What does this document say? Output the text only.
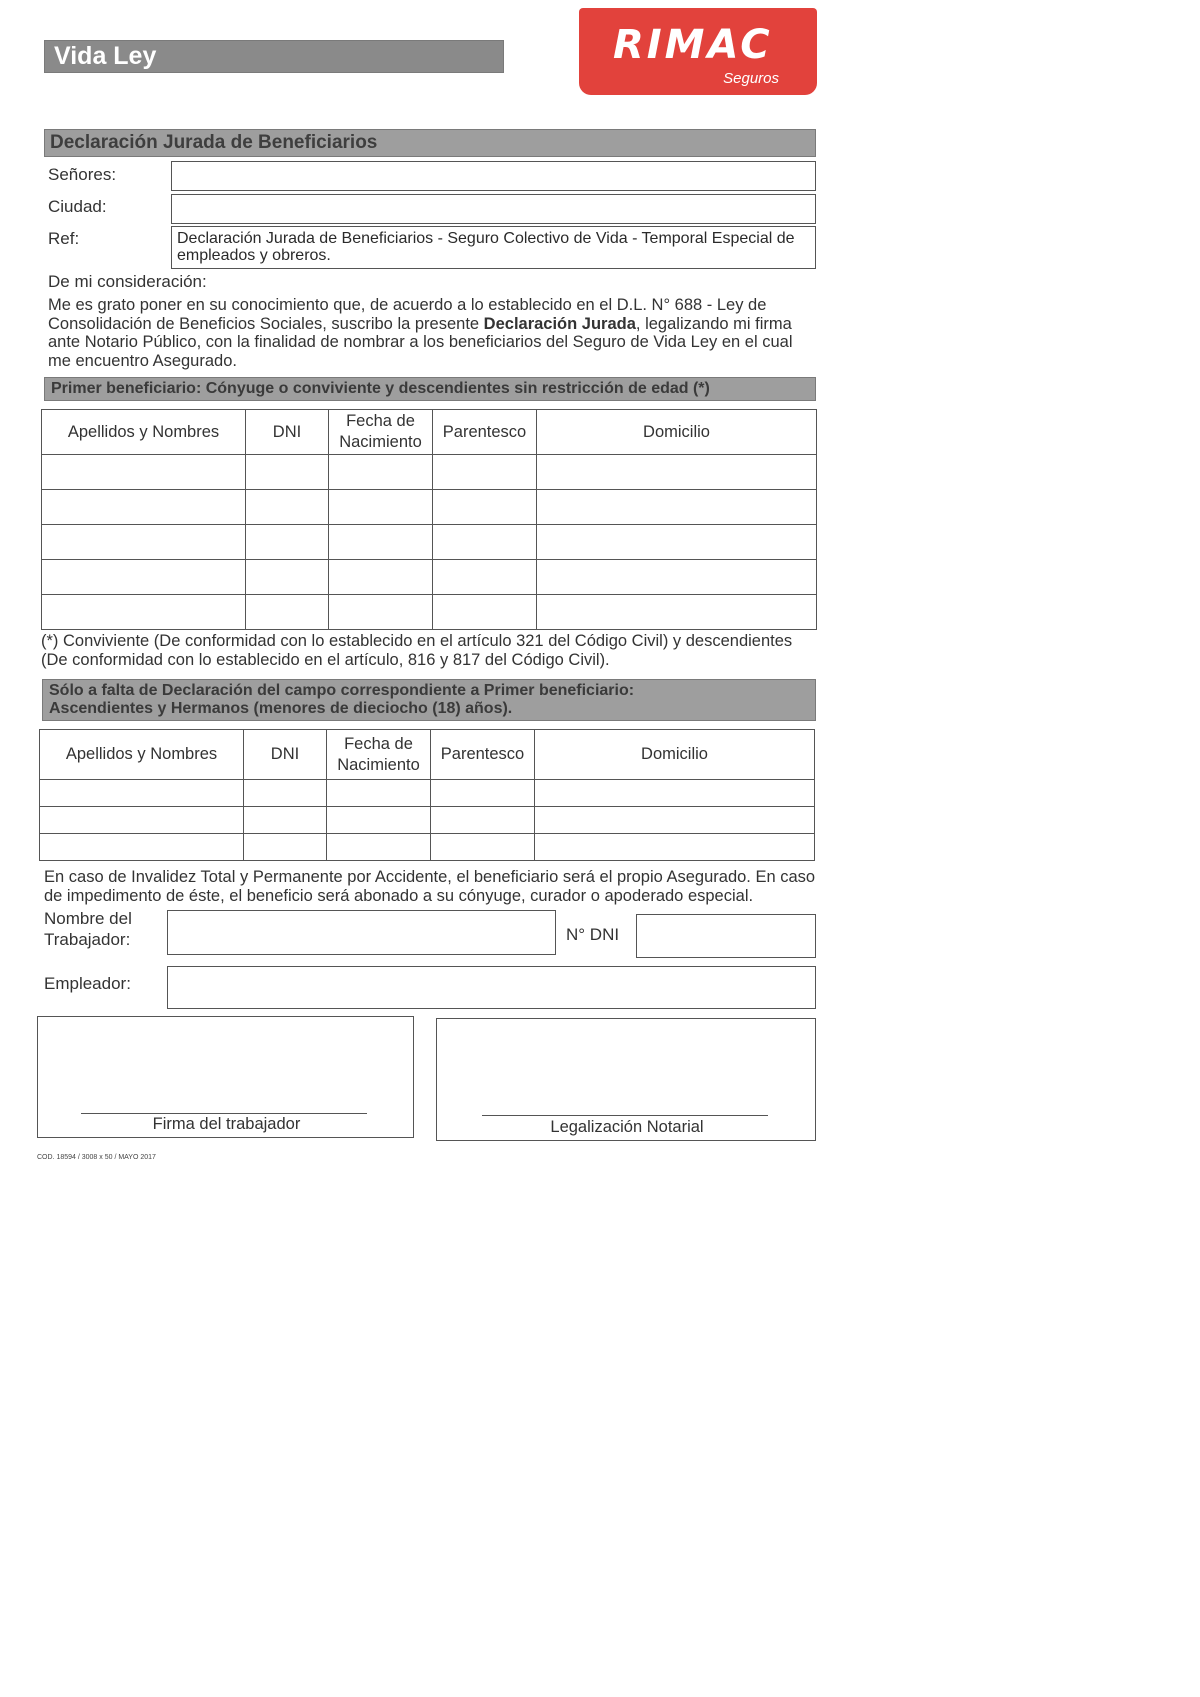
Vida Ley	RIMAC
Seguros
Declaración Jurada de Beneficiarios
Señores:
Ciudad:
Ref:	Declaración Jurada de Beneficiarios - Seguro Colectivo de Vida - Temporal Especial de empleados y obreros.
De mi consideración:
Me es grato poner en su conocimiento que, de acuerdo a lo establecido en el D.L. N° 688 - Ley de Consolidación de Beneficios Sociales, suscribo la presente Declaración Jurada, legalizando mi firma ante Notario Público, con la finalidad de nombrar a los beneficiarios del Seguro de Vida Ley en el cual me encuentro Asegurado.
Primer beneficiario: Cónyuge o conviviente y descendientes sin restricción de edad (*)
Apellidos y Nombres	DNI	Fecha de Nacimiento	Parentesco	Domicilio

(*) Conviviente (De conformidad con lo establecido en el artículo 321 del Código Civil) y descendientes (De conformidad con lo establecido en el artículo, 816 y 817 del Código Civil).
Sólo a falta de Declaración del campo correspondiente a Primer beneficiario:
Ascendientes y Hermanos (menores de dieciocho (18) años).
Apellidos y Nombres	DNI	Fecha de Nacimiento	Parentesco	Domicilio

En caso de Invalidez Total y Permanente por Accidente, el beneficiario será el propio Asegurado. En caso de impedimento de éste, el beneficio será abonado a su cónyuge, curador o apoderado especial.
Nombre del Trabajador:	N° DNI
Empleador:
Firma del trabajador	Legalización Notarial
COD. 18594 / 3008 x 50 / MAYO 2017
